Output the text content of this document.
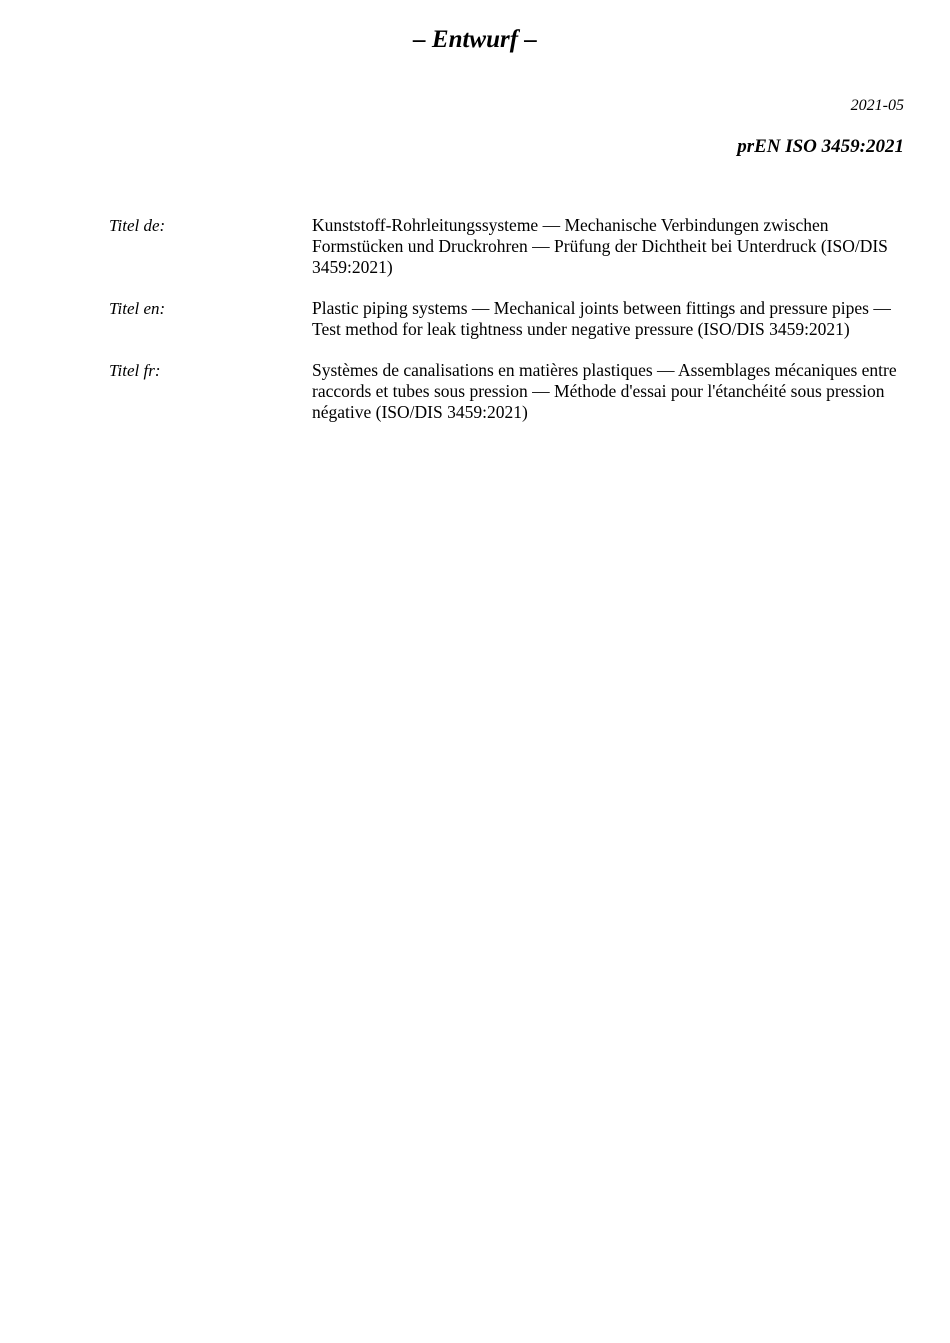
– Entwurf –
2021-05
prEN ISO 3459:2021
Titel de:	Kunststoff-Rohrleitungssysteme — Mechanische Verbindungen zwischen Formstücken und Druckrohren — Prüfung der Dichtheit bei Unterdruck (ISO/DIS 3459:2021)
Titel en:	Plastic piping systems — Mechanical joints between fittings and pressure pipes — Test method for leak tightness under negative pressure (ISO/DIS 3459:2021)
Titel fr:	Systèmes de canalisations en matières plastiques — Assemblages mécaniques entre raccords et tubes sous pression — Méthode d'essai pour l'étanchéité sous pression négative (ISO/DIS 3459:2021)
